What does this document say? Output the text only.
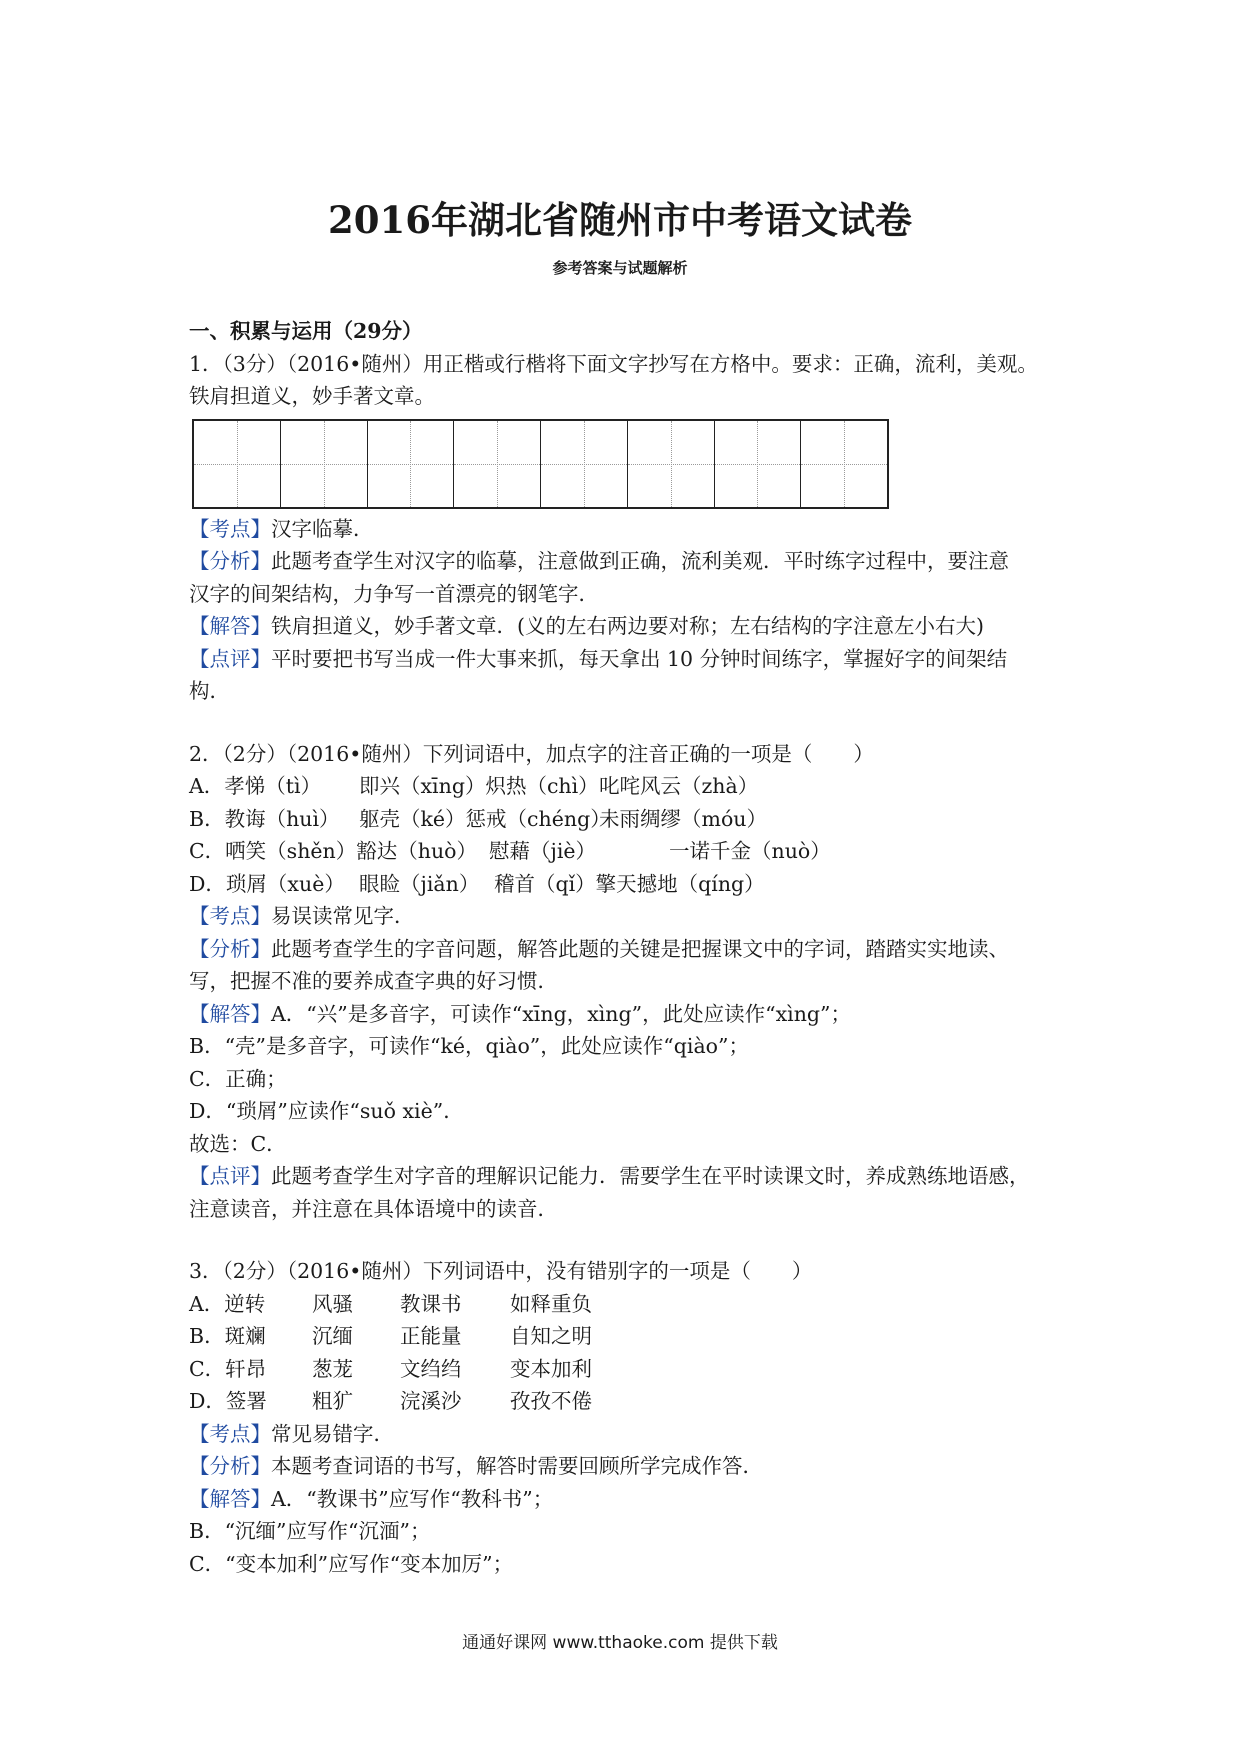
2016年湖北省随州市中考语文试卷
参考答案与试题解析
一、积累与运用（29分）
1．（3分）（2016•随州）用正楷或行楷将下面文字抄写在方格中。要求：正确，流利，美观。
铁肩担道义，妙手著文章。
【考点】汉字临摹．
【分析】此题考查学生对汉字的临摹，注意做到正确，流利美观．平时练字过程中，要注意
汉字的间架结构，力争写一首漂亮的钢笔字．
【解答】铁肩担道义，妙手著文章．(义的左右两边要对称；左右结构的字注意左小右大)
【点评】平时要把书写当成一件大事来抓，每天拿出 10 分钟时间练字，掌握好字的间架结
构．
2．（2分）（2016•随州）下列词语中，加点字的注音正确的一项是（　　）
A．孝悌（tì） 即兴（xīng）炽热（chì）叱咤风云（zhà）
B．教诲（huì） 躯壳（ké）惩戒（chéng）未雨绸缪（móu）
C．哂笑（shěn）豁达（huò） 慰藉（jiè）	一诺千金（nuò）
D．琐屑（xuè） 眼睑（jiǎn） 稽首（qǐ）擎天撼地（qíng）
【考点】易误读常见字．
【分析】此题考查学生的字音问题，解答此题的关键是把握课文中的字词，踏踏实实地读、
写，把握不准的要养成查字典的好习惯．
【解答】A．“兴”是多音字，可读作“xīng，xìng”，此处应读作“xìng”；
B．“壳”是多音字，可读作“ké，qiào”，此处应读作“qiào”；
C．正确；
D．“琐屑”应读作“suǒ xiè”．
故选：C．
【点评】此题考查学生对字音的理解识记能力．需要学生在平时读课文时，养成熟练地语感，
注意读音，并注意在具体语境中的读音．
3．（2分）（2016•随州）下列词语中，没有错别字的一项是（　　）
A．逆转 风骚 教课书 如释重负
B．斑斓 沉缅 正能量 自知之明
C．轩昂 葱茏 文绉绉 变本加利
D．签署 粗犷 浣溪沙 孜孜不倦
【考点】常见易错字．
【分析】本题考查词语的书写，解答时需要回顾所学完成作答．
【解答】A．“教课书”应写作“教科书”；
B．“沉缅”应写作“沉湎”；
C．“变本加利”应写作“变本加厉”；
通通好课网 www.tthaoke.com 提供下载
